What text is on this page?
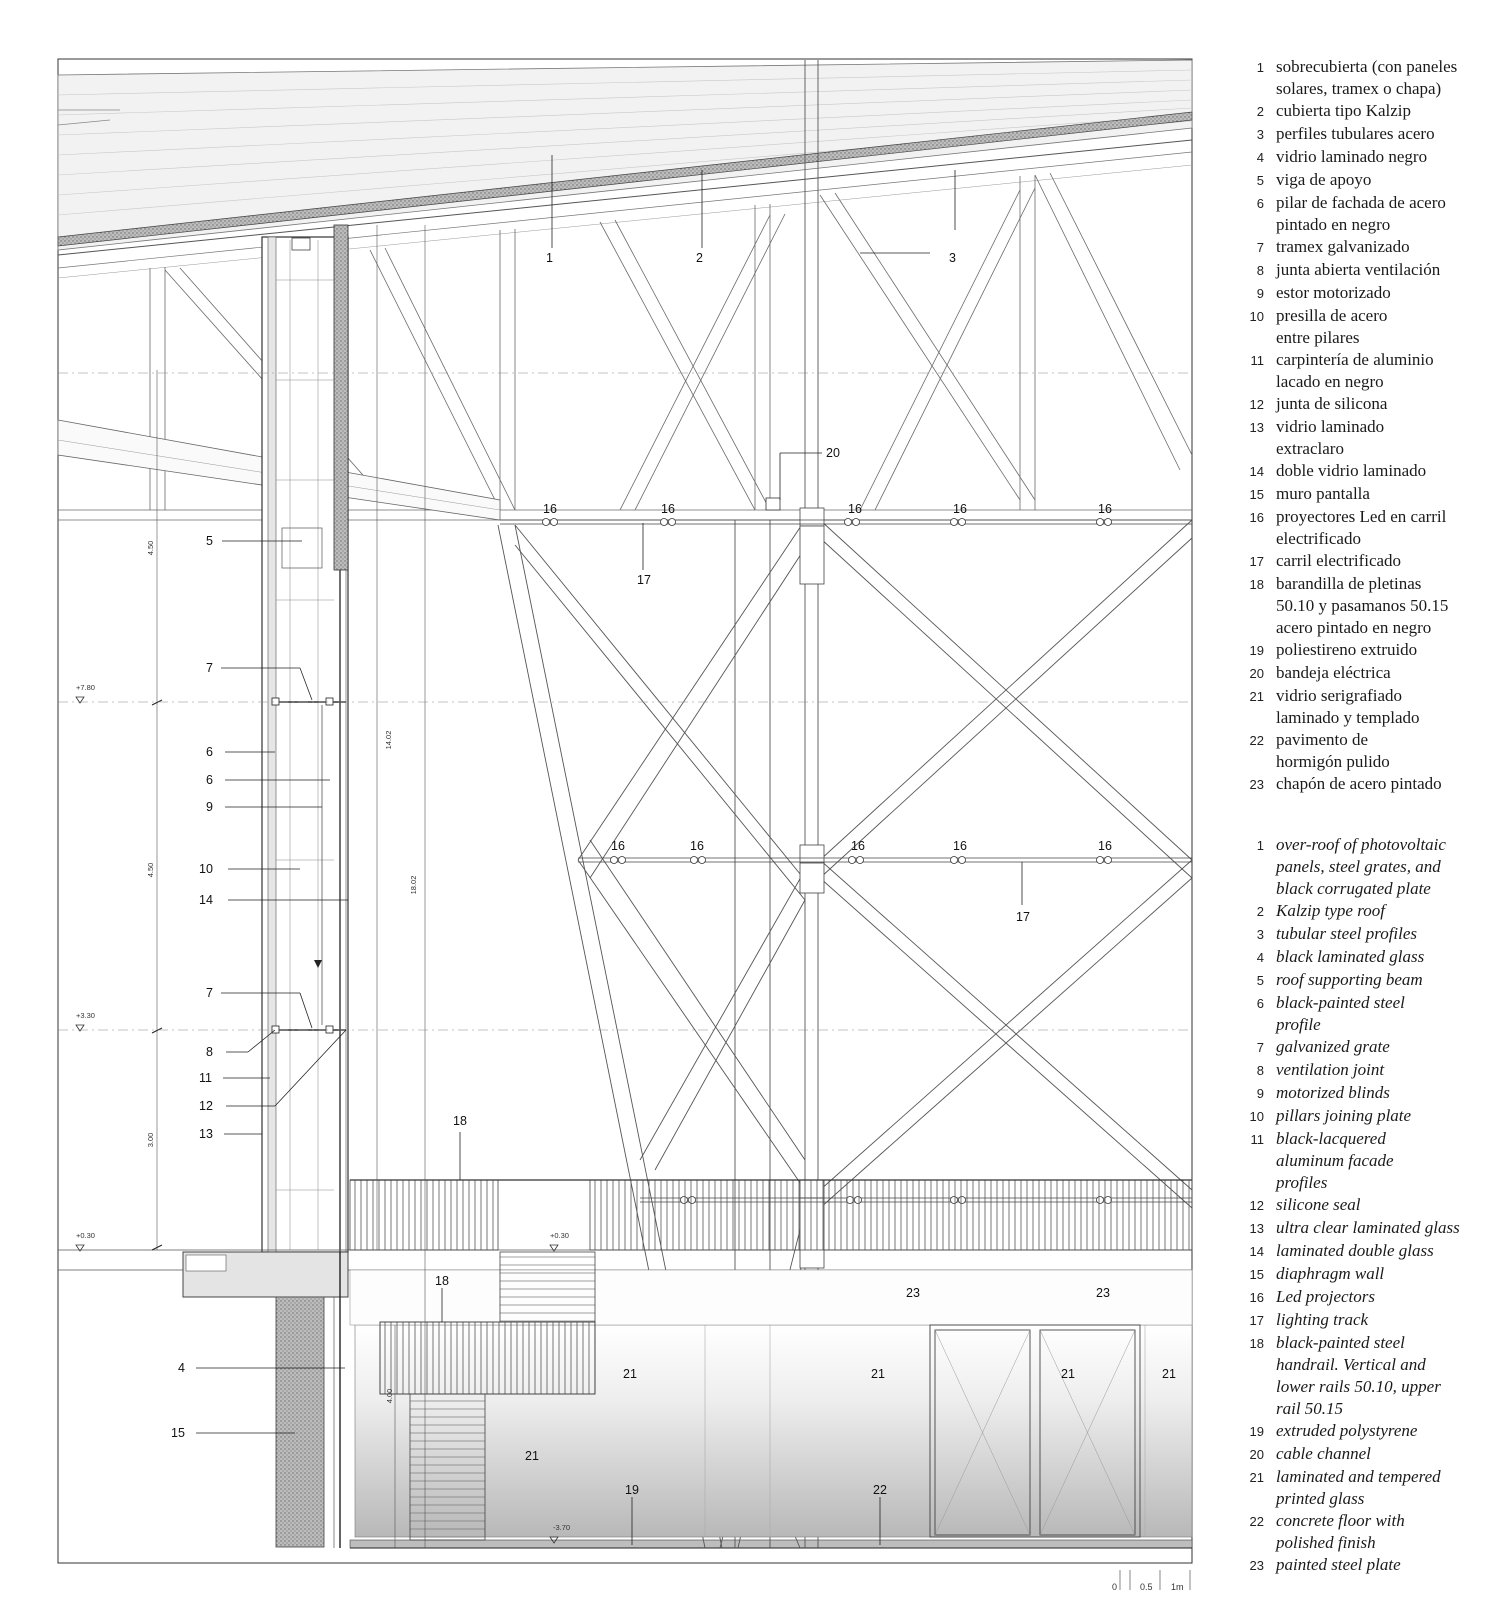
1	2	3
5
7
6
6
9
10
14
7
8
11
12
13
4
15
18
18
20
16	16	16	16	16
17
16	16	16	16	16
17
23	23
21	21	21	21
21
19	22
+7.80
+3.30
+0.30	+0.30
-3.70
4.50
4.50
3.00
14.02
18.02
4.00
0	0.5 1m
1 sobrecubierta (con paneles
solares, tramex o chapa)
2 cubierta tipo Kalzip
3 perfiles tubulares acero
4 vidrio laminado negro
5 viga de apoyo
6 pilar de fachada de acero
pintado en negro
7 tramex galvanizado
8 junta abierta ventilación
9 estor motorizado
10 presilla de acero
entre pilares
11 carpintería de aluminio
lacado en negro
12 junta de silicona
13 vidrio laminado
extraclaro
14 doble vidrio laminado
15 muro pantalla
16 proyectores Led en carril
electrificado
17 carril electrificado
18 barandilla de pletinas
50.10 y pasamanos 50.15
acero pintado en negro
19 poliestireno extruido
20 bandeja eléctrica
21 vidrio serigrafiado
laminado y templado
22 pavimento de
hormigón pulido
23 chapón de acero pintado
1 over-roof of photovoltaic
panels, steel grates, and
black corrugated plate
2 Kalzip type roof
3 tubular steel profiles
4 black laminated glass
5 roof supporting beam
6 black-painted steel
profile
7 galvanized grate
8 ventilation joint
9 motorized blinds
10 pillars joining plate
11 black-lacquered
aluminum facade
profiles
12 silicone seal
13 ultra clear laminated glass
14 laminated double glass
15 diaphragm wall
16 Led projectors
17 lighting track
18 black-painted steel
handrail. Vertical and
lower rails 50.10, upper
rail 50.15
19 extruded polystyrene
20 cable channel
21 laminated and tempered
printed glass
22 concrete floor with
polished finish
23 painted steel plate
